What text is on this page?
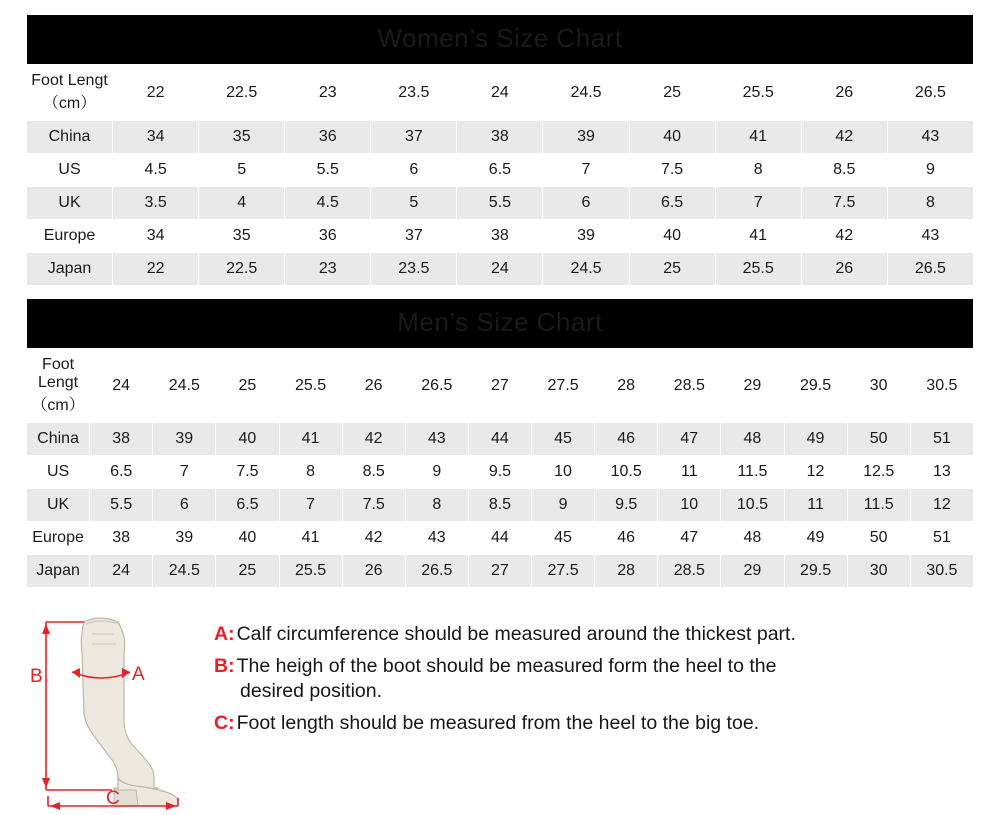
Women’s Size Chart										
Foot Lengt（cm）	22	22.5	23	23.5	24	24.5	25	25.5	26	26.5
China	34	35	36	37	38	39	40	41	42	43
US	4.5	5	5.5	6	6.5	7	7.5	8	8.5	9
UK	3.5	4	4.5	5	5.5	6	6.5	7	7.5	8
Europe	34	35	36	37	38	39	40	41	42	43
Japan	22	22.5	23	23.5	24	24.5	25	25.5	26	26.5
Men’s Size Chart														
Foot Lengt（cm）	24	24.5	25	25.5	26	26.5	27	27.5	28	28.5	29	29.5	30	30.5
China	38	39	40	41	42	43	44	45	46	47	48	49	50	51
US	6.5	7	7.5	8	8.5	9	9.5	10	10.5	11	11.5	12	12.5	13
UK	5.5	6	6.5	7	7.5	8	8.5	9	9.5	10	10.5	11	11.5	12
Europe	38	39	40	41	42	43	44	45	46	47	48	49	50	51
Japan	24	24.5	25	25.5	26	26.5	27	27.5	28	28.5	29	29.5	30	30.5
B	A
C
A: Calf circumference should be measured around the thickest part.
B: The heigh of the boot should be measured form the heel to the
desired position.
C: Foot length should be measured from the heel to the big toe.
